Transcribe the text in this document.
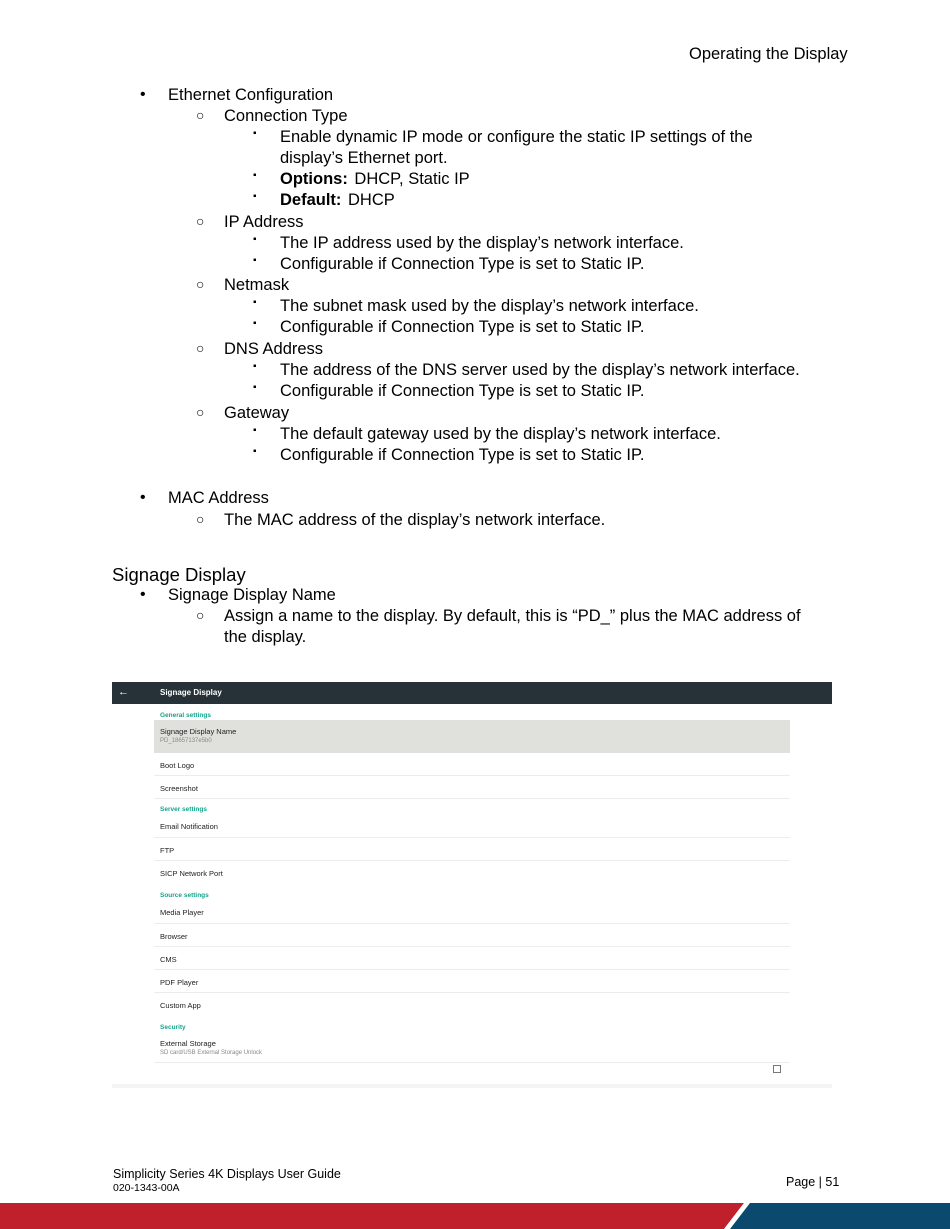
Operating the Display
• Ethernet Configuration
○ Connection Type
▪ Enable dynamic IP mode or configure the static IP settings of the
display’s Ethernet port.
▪ Options: DHCP, Static IP
▪ Default: DHCP
○ IP Address
▪ The IP address used by the display’s network interface.
▪ Configurable if Connection Type is set to Static IP.
○ Netmask
▪ The subnet mask used by the display’s network interface.
▪ Configurable if Connection Type is set to Static IP.
○ DNS Address
▪ The address of the DNS server used by the display’s network interface.
▪ Configurable if Connection Type is set to Static IP.
○ Gateway
▪ The default gateway used by the display’s network interface.
▪ Configurable if Connection Type is set to Static IP.
• MAC Address
○ The MAC address of the display’s network interface.
Signage Display
• Signage Display Name
○ Assign a name to the display. By default, this is “PD_” plus the MAC address of
the display.
←	Signage Display
General settings
Signage Display Name
PD_18657137e5b0
Boot Logo
Screenshot
Server settings
Email Notification
FTP
SICP Network Port
Source settings
Media Player
Browser
CMS
PDF Player
Custom App
Security
External Storage
SD card/USB External Storage Unlock
Simplicity Series 4K Displays User Guide
020-1343-00A	Page | 51
